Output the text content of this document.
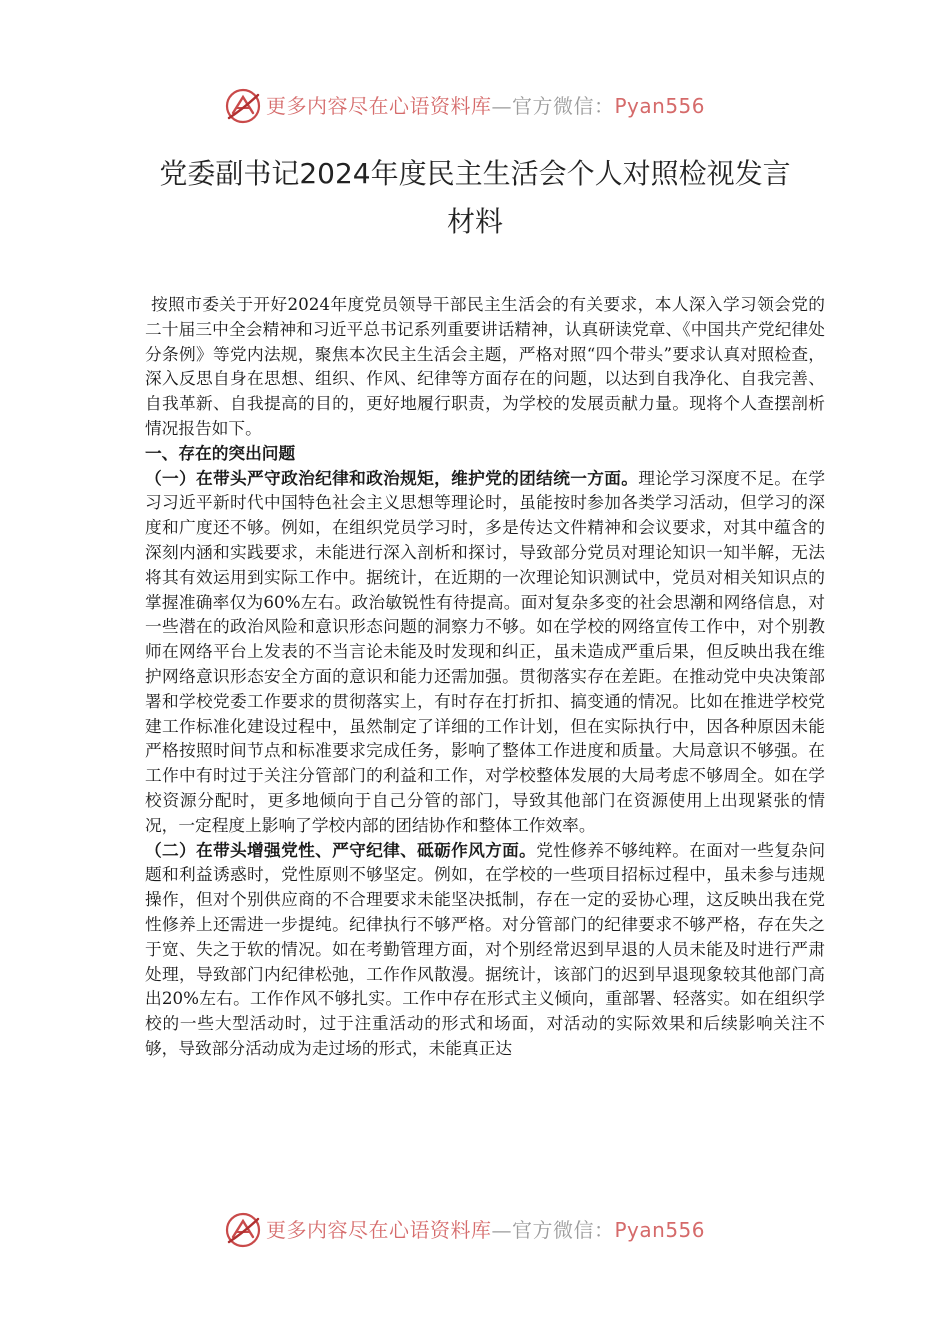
更多内容尽在心语资料库—官方微信：Pyan556
党委副书记2024年度民主生活会个人对照检视发言
材料

按照市委关于开好2024年度党员领导干部民主生活会的有关要求，本人深入学习领会党的二十届三中全会精神和习近平总书记系列重要讲话精神，认真研读党章、《中国共产党纪律处分条例》等党内法规，聚焦本次民主生活会主题，严格对照“四个带头”要求认真对照检查，深入反思自身在思想、组织、作风、纪律等方面存在的问题，以达到自我净化、自我完善、自我革新、自我提高的目的，更好地履行职责，为学校的发展贡献力量。现将个人查摆剖析情况报告如下。

一、存在的突出问题

（一）在带头严守政治纪律和政治规矩，维护党的团结统一方面。理论学习深度不足。在学习习近平新时代中国特色社会主义思想等理论时，虽能按时参加各类学习活动，但学习的深度和广度还不够。例如，在组织党员学习时，多是传达文件精神和会议要求，对其中蕴含的深刻内涵和实践要求，未能进行深入剖析和探讨，导致部分党员对理论知识一知半解，无法将其有效运用到实际工作中。据统计，在近期的一次理论知识测试中，党员对相关知识点的掌握准确率仅为60%左右。政治敏锐性有待提高。面对复杂多变的社会思潮和网络信息，对一些潜在的政治风险和意识形态问题的洞察力不够。如在学校的网络宣传工作中，对个别教师在网络平台上发表的不当言论未能及时发现和纠正，虽未造成严重后果，但反映出我在维护网络意识形态安全方面的意识和能力还需加强。贯彻落实存在差距。在推动党中央决策部署和学校党委工作要求的贯彻落实上，有时存在打折扣、搞变通的情况。比如在推进学校党建工作标准化建设过程中，虽然制定了详细的工作计划，但在实际执行中，因各种原因未能严格按照时间节点和标准要求完成任务，影响了整体工作进度和质量。大局意识不够强。在工作中有时过于关注分管部门的利益和工作，对学校整体发展的大局考虑不够周全。如在学校资源分配时，更多地倾向于自己分管的部门，导致其他部门在资源使用上出现紧张的情况，一定程度上影响了学校内部的团结协作和整体工作效率。

（二）在带头增强党性、严守纪律、砥砺作风方面。党性修养不够纯粹。在面对一些复杂问题和利益诱惑时，党性原则不够坚定。例如，在学校的一些项目招标过程中，虽未参与违规操作，但对个别供应商的不合理要求未能坚决抵制，存在一定的妥协心理，这反映出我在党性修养上还需进一步提纯。纪律执行不够严格。对分管部门的纪律要求不够严格，存在失之于宽、失之于软的情况。如在考勤管理方面，对个别经常迟到早退的人员未能及时进行严肃处理，导致部门内纪律松弛，工作作风散漫。据统计，该部门的迟到早退现象较其他部门高出20%左右。工作作风不够扎实。工作中存在形式主义倾向，重部署、轻落实。如在组织学校的一些大型活动时，过于注重活动的形式和场面，对活动的实际效果和后续影响关注不够，导致部分活动成为走过场的形式，未能真正达

更多内容尽在心语资料库—官方微信：Pyan556
